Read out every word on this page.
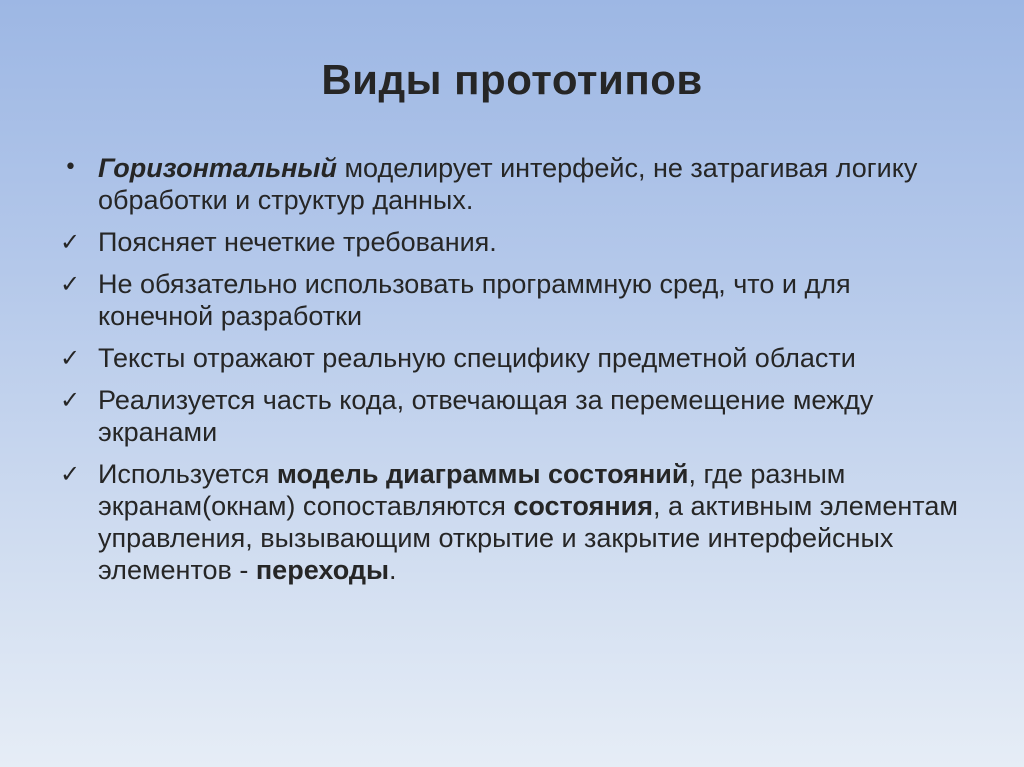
Виды прототипов
• Горизонтальный моделирует интерфейс, не затрагивая логику обработки и структур данных.
✓ Поясняет нечеткие требования.
✓ Не обязательно использовать программную сред, что и для конечной разработки
✓ Тексты отражают реальную специфику предметной области
✓ Реализуется часть кода, отвечающая за перемещение между экранами
✓ Используется модель диаграммы состояний, где разным экранам(окнам) сопоставляются состояния, а активным элементам управления, вызывающим открытие и закрытие интерфейсных элементов - переходы.
